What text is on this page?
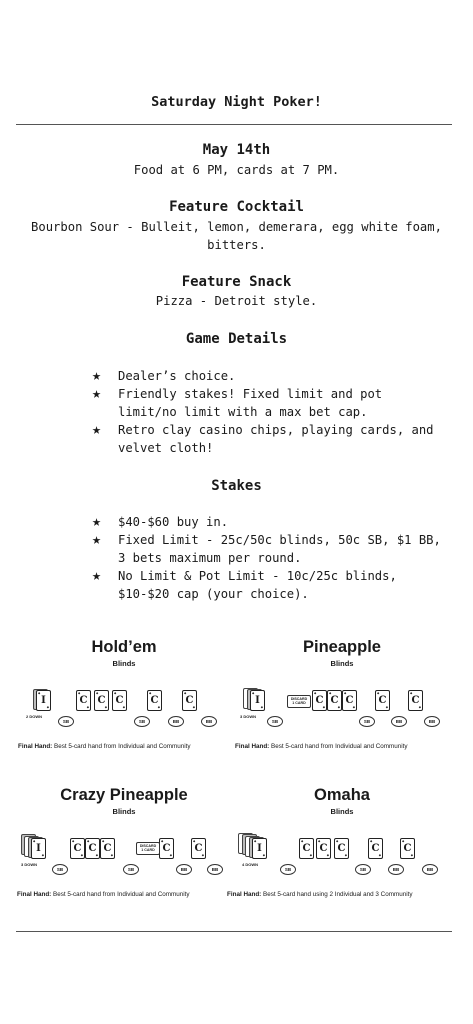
Saturday Night Poker!
May 14th
Food at 6 PM, cards at 7 PM.
Feature Cocktail
Bourbon Sour - Bulleit, lemon, demerara, egg white foam, bitters.
Feature Snack
Pizza - Detroit style.
Game Details
★ Dealer’s choice.
★ Friendly stakes! Fixed limit and pot limit/no limit with a max bet cap.
★ Retro clay casino chips, playing cards, and velvet cloth!
Stakes
★ $40-$60 buy in.
★ Fixed Limit - 25c/50c blinds, 50c SB, $1 BB, 3 bets maximum per round.
★ No Limit & Pot Limit - 10c/25c blinds, $10-$20 cap (your choice).
Hold’em
Blinds
◆
I
◆
2 DOWN
◆
C
◆
◆
C
◆
◆
C
◆
◆
C
◆
◆
C
◆
SB	SB	BB	BB
Final Hand: Best 5-card hand from Individual and Community
Pineapple
Blinds
◆
I
◆
3 DOWN
◆
C
◆
◆
C
◆
◆
C
◆
◆
C
◆
◆
C
◆
DISCARD
1 CARD
SB	SB	BB	BB
Final Hand: Best 5-card hand from Individual and Community
Crazy Pineapple
Blinds
◆
I
◆
3 DOWN
◆
C
◆
◆
C
◆
◆
C
◆
◆
C
◆
◆
C
◆
DISCARD
1 CARD
SB	SB	BB	BB
Final Hand: Best 5-card hand from Individual and Community
Omaha
Blinds
◆
I
◆
4 DOWN
◆
C
◆
◆
C
◆
◆
C
◆
◆
C
◆
◆
C
◆
SB	SB	BB	BB
Final Hand: Best 5-card hand using 2 Individual and 3 Community
